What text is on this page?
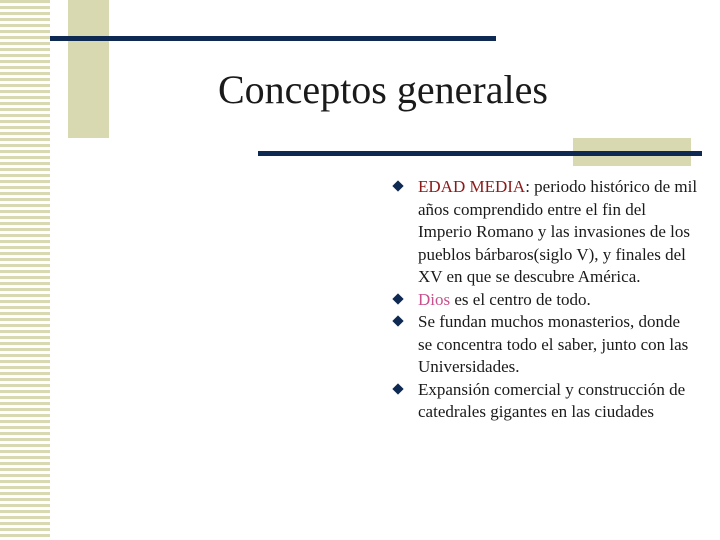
Conceptos generales
EDAD MEDIA: periodo histórico de mil años comprendido entre el fin del Imperio Romano y las invasiones de los pueblos bárbaros(siglo V), y finales del XV en que se descubre América.
Dios es el centro de todo.
Se fundan muchos monasterios, donde se concentra todo el saber, junto con las Universidades.
Expansión comercial y construcción de catedrales gigantes en las ciudades
